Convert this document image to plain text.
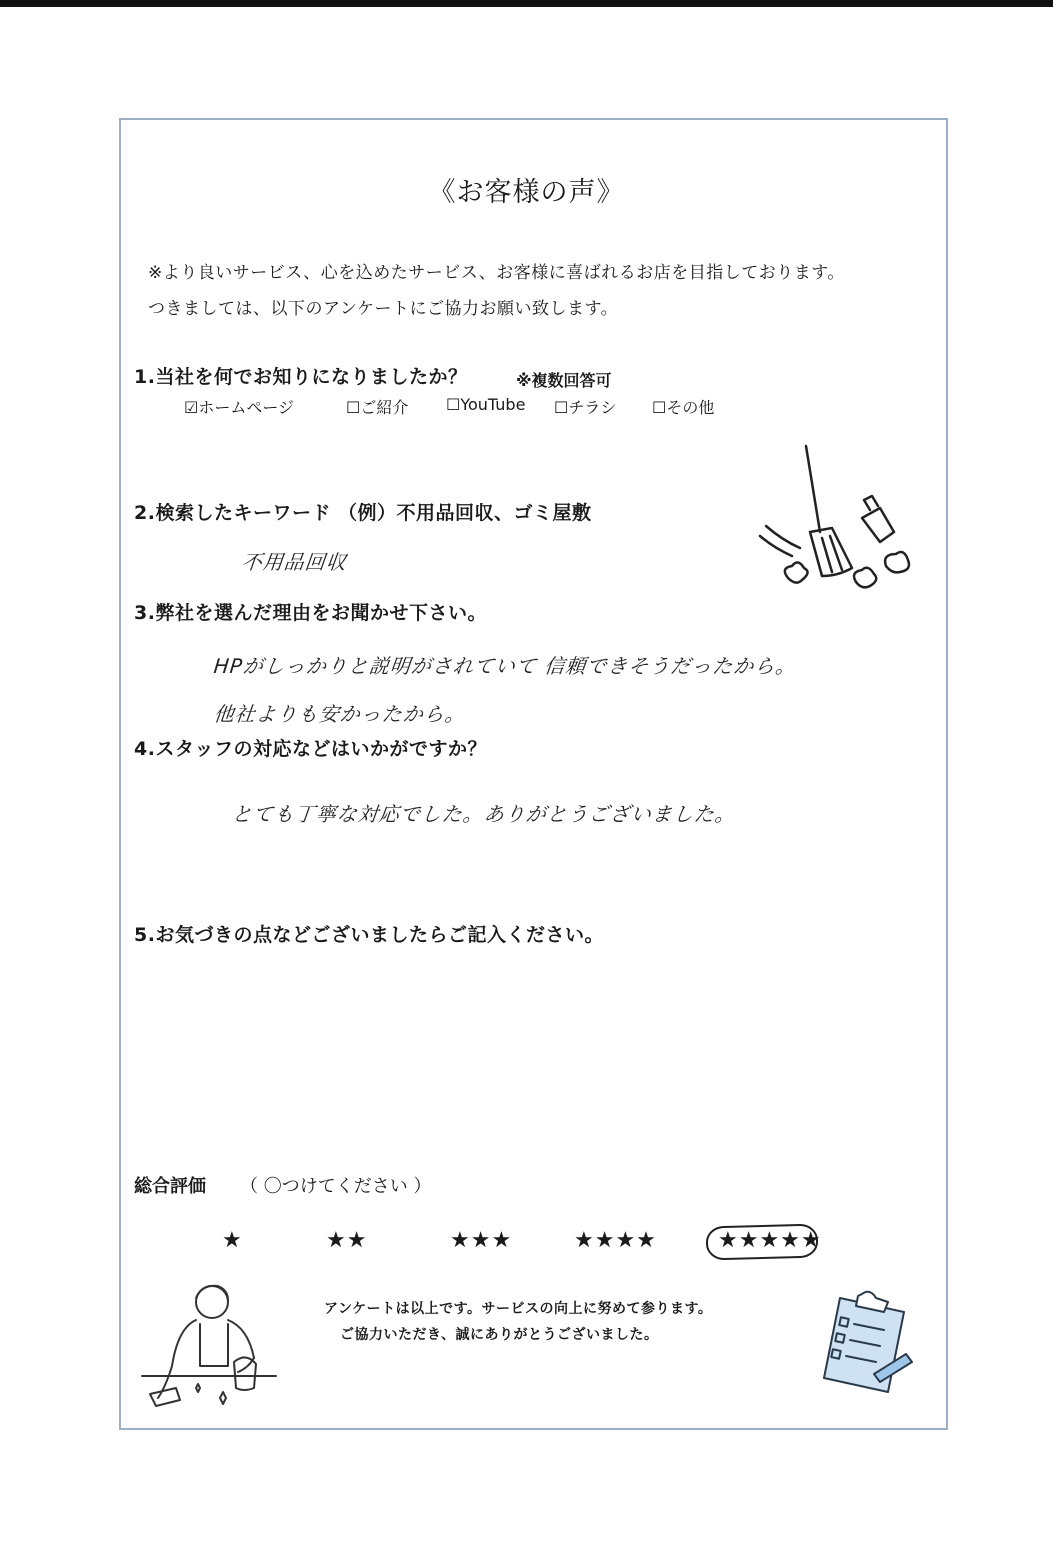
《お客様の声》
※より良いサービス、心を込めたサービス、お客様に喜ばれるお店を目指しております。
つきましては、以下のアンケートにご協力お願い致します。
1.当社を何でお知りになりましたか？	※複数回答可
☑ホームページ	☐ご紹介 ☐YouTube ☐チラシ ☐その他
2.検索したキーワード （例）不用品回収、ゴミ屋敷
不用品回収
3.弊社を選んだ理由をお聞かせ下さい。
HPがしっかりと説明がされていて 信頼できそうだったから。
他社よりも安かったから。
4.スタッフの対応などはいかがですか？
とても丁寧な対応でした。ありがとうございました。
5.お気づきの点などございましたらご記入ください。
総合評価 （ 〇つけてください ）
★	★★	★★★	★★★★	★★★★★
アンケートは以上です。サービスの向上に努めて参ります。
ご協力いただき、誠にありがとうございました。
